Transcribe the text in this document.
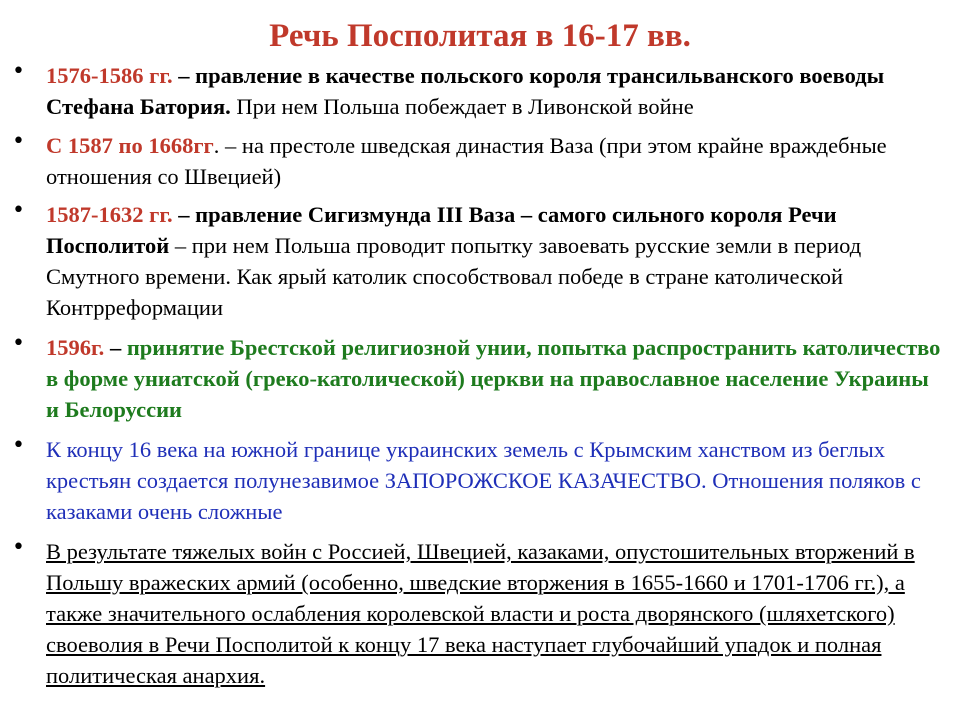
Речь Посполитая в 16-17 вв.
• 1576-1586 гг. – правление в качестве польского короля трансильванского воеводы Стефана Батория. При нем Польша побеждает в Ливонской войне
• С 1587 по 1668гг. – на престоле шведская династия Ваза (при этом крайне враждебные отношения со Швецией)
• 1587-1632 гг. – правление Сигизмунда III Ваза – самого сильного короля Речи Посполитой – при нем Польша проводит попытку завоевать русские земли в период Смутного времени. Как ярый католик способствовал победе в стране католической Контрреформации
• 1596г. – принятие Брестской религиозной унии, попытка распространить католичество в форме униатской (греко-католической) церкви на православное население Украины и Белоруссии
• К концу 16 века на южной границе украинских земель с Крымским ханством из беглых крестьян создается полунезавимое ЗАПОРОЖСКОЕ КАЗАЧЕСТВО. Отношения поляков с казаками очень сложные
• В результате тяжелых войн с Россией, Швецией, казаками, опустошительных вторжений в Польшу вражеских армий (особенно, шведские вторжения в 1655-1660 и 1701-1706 гг.), а также значительного ослабления королевской власти и роста дворянского (шляхетского) своеволия в Речи Посполитой к концу 17 века наступает глубочайший упадок и полная политическая анархия.
